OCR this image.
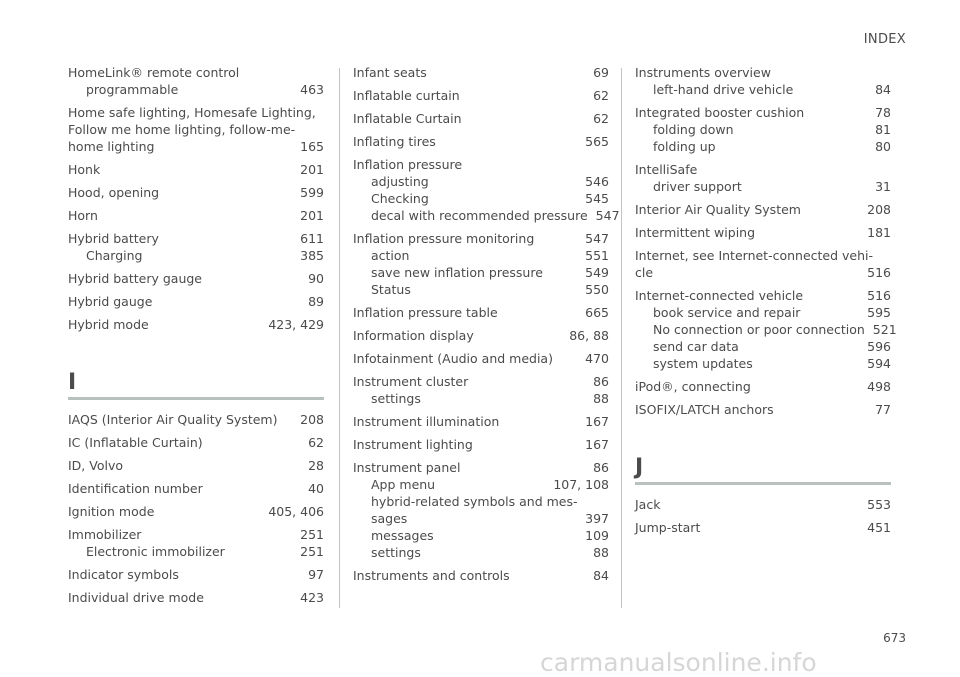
INDEX
HomeLink® remote control
programmable	463
Home safe lighting, Homesafe Lighting,
Follow me home lighting, follow-me-
home lighting	165
Honk	201
Hood, opening	599
Horn	201
Hybrid battery	611
Charging	385
Hybrid battery gauge	90
Hybrid gauge	89
Hybrid mode	423, 429
I
IAQS (Interior Air Quality System)	208
IC (Inflatable Curtain)	62
ID, Volvo	28
Identification number	40
Ignition mode	405, 406
Immobilizer	251
Electronic immobilizer	251
Indicator symbols	97
Individual drive mode	423
Infant seats	69
Inflatable curtain	62
Inflatable Curtain	62
Inflating tires	565
Inflation pressure
adjusting	546
Checking	545
decal with recommended pressure 547
Inflation pressure monitoring	547
action	551
save new inflation pressure	549
Status	550
Inflation pressure table	665
Information display	86, 88
Infotainment (Audio and media)	470
Instrument cluster	86
settings	88
Instrument illumination	167
Instrument lighting	167
Instrument panel	86
App menu	107, 108
hybrid-related symbols and mes-
sages	397
messages	109
settings	88
Instruments and controls	84
Instruments overview
left-hand drive vehicle	84
Integrated booster cushion	78
folding down	81
folding up	80
IntelliSafe
driver support	31
Interior Air Quality System	208
Intermittent wiping	181
Internet, see Internet-connected vehi-
cle	516
Internet-connected vehicle	516
book service and repair	595
No connection or poor connection 521
send car data	596
system updates	594
iPod®, connecting	498
ISOFIX/LATCH anchors	77
J
Jack	553
Jump-start	451
673
carmanualsonline.info
